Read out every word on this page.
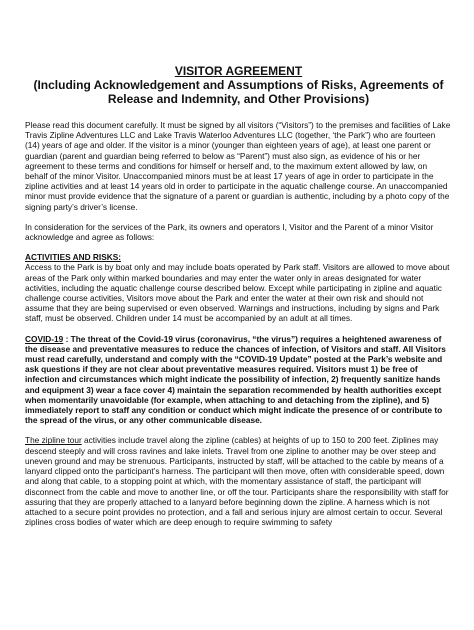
VISITOR AGREEMENT
(Including Acknowledgement and Assumptions of Risks, Agreements of Release and Indemnity, and Other Provisions)

Please read this document carefully. It must be signed by all visitors (“Visitors”) to the premises and facilities of Lake Travis Zipline Adventures LLC and Lake Travis Waterloo Adventures LLC (together, ‘the Park”) who are fourteen (14) years of age and older. If the visitor is a minor (younger than eighteen years of age), at least one parent or guardian (parent and guardian being referred to below as “Parent”) must also sign, as evidence of his or her agreement to these terms and conditions for himself or herself and, to the maximum extent allowed by law, on behalf of the minor Visitor. Unaccompanied minors must be at least 17 years of age in order to participate in the zipline activities and at least 14 years old in order to participate in the aquatic challenge course. An unaccompanied minor must provide evidence that the signature of a parent or guardian is authentic, including by a photo copy of the signing party’s driver’s license.

In consideration for the services of the Park, its owners and operators I, Visitor and the Parent of a minor Visitor acknowledge and agree as follows:

ACTIVITIES AND RISKS:
Access to the Park is by boat only and may include boats operated by Park staff. Visitors are allowed to move about areas of the Park only within marked boundaries and may enter the water only in areas designated for water activities, including the aquatic challenge course described below. Except while participating in zipline and aquatic challenge course activities, Visitors move about the Park and enter the water at their own risk and should not assume that they are being supervised or even observed. Warnings and instructions, including by signs and Park staff, must be observed. Children under 14 must be accompanied by an adult at all times.

COVID-19 : The threat of the Covid-19 virus (coronavirus, “the virus”) requires a heightened awareness of the disease and preventative measures to reduce the chances of infection, of Visitors and staff. All Visitors must read carefully, understand and comply with the “COVID-19 Update” posted at the Park’s website and ask questions if they are not clear about preventative measures required. Visitors must 1) be free of infection and circumstances which might indicate the possibility of infection, 2) frequently sanitize hands and equipment 3) wear a face cover 4) maintain the separation recommended by health authorities except when momentarily unavoidable (for example, when attaching to and detaching from the zipline), and 5) immediately report to staff any condition or conduct which might indicate the presence of or contribute to the spread of the virus, or any other communicable disease.

The zipline tour activities include travel along the zipline (cables) at heights of up to 150 to 200 feet. Ziplines may descend steeply and will cross ravines and lake inlets. Travel from one zipline to another may be over steep and uneven ground and may be strenuous. Participants, instructed by staff, will be attached to the cable by means of a lanyard clipped onto the participant’s harness. The participant will then move, often with considerable speed, down and along that cable, to a stopping point at which, with the momentary assistance of staff, the participant will disconnect from the cable and move to another line, or off the tour. Participants share the responsibility with staff for assuring that they are properly attached to a lanyard before beginning down the zipline. A harness which is not attached to a secure point provides no protection, and a fall and serious injury are almost certain to occur. Several ziplines cross bodies of water which are deep enough to require swimming to safety
